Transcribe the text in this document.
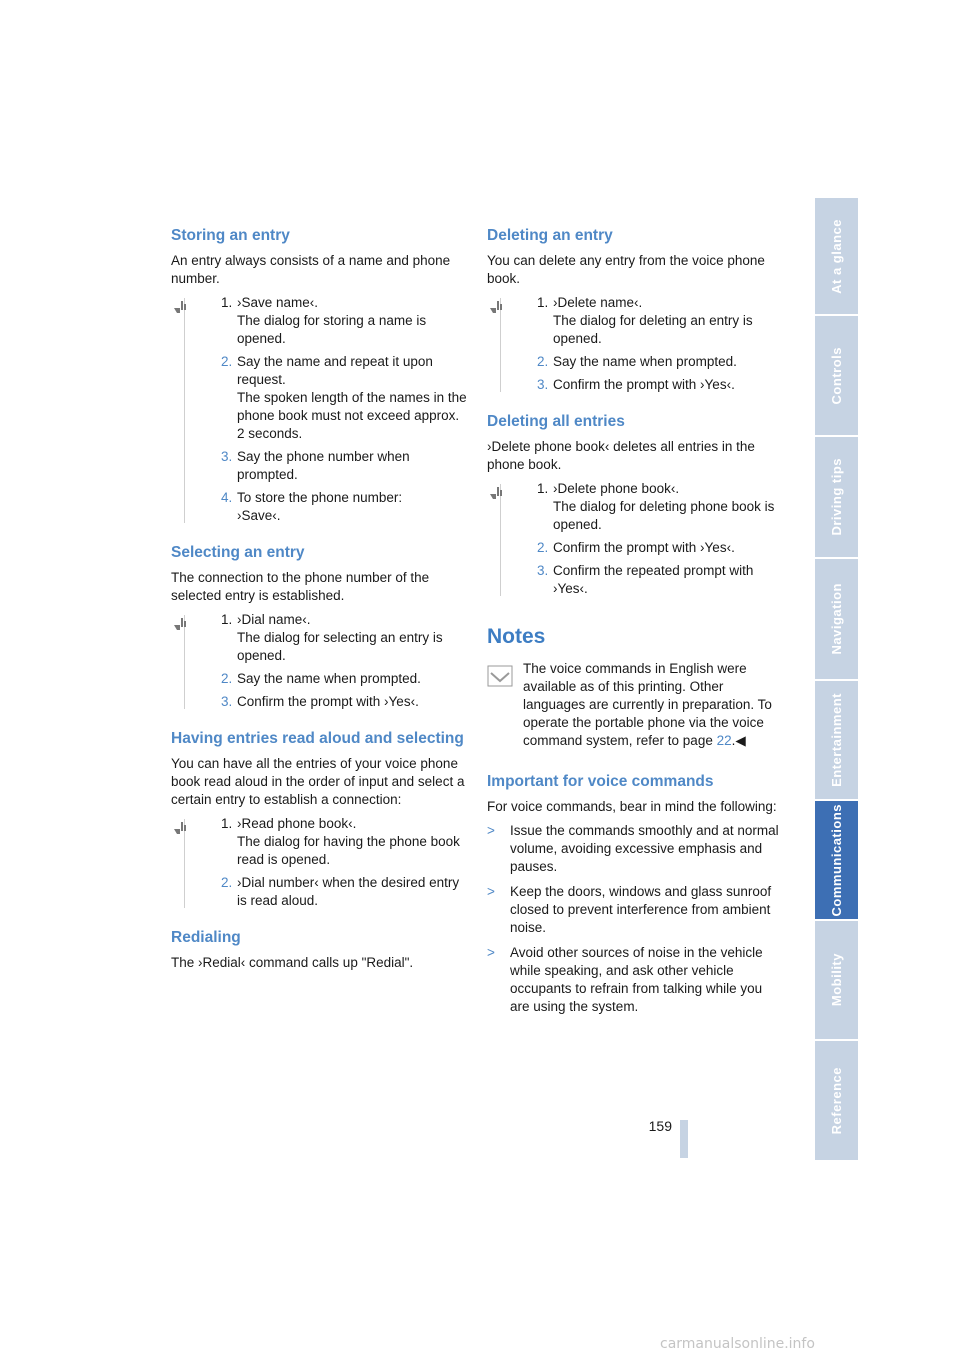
Storing an entry

An entry always consists of a name and phone number.

1. ›Save name‹.
The dialog for storing a name is opened.
2. Say the name and repeat it upon request.
The spoken length of the names in the phone book must not exceed approx. 2 seconds.
3. Say the phone number when prompted.
4. To store the phone number:
›Save‹.
Selecting an entry

The connection to the phone number of the selected entry is established.

1. ›Dial name‹.
The dialog for selecting an entry is opened.
2. Say the name when prompted.
3. Confirm the prompt with ›Yes‹.
Having entries read aloud and selecting

You can have all the entries of your voice phone book read aloud in the order of input and select a certain entry to establish a connection:

1. ›Read phone book‹.
The dialog for having the phone book read is opened.
2. ›Dial number‹ when the desired entry is read aloud.
Redialing

The ›Redial‹ command calls up "Redial".

Deleting an entry

You can delete any entry from the voice phone book.

1. ›Delete name‹.
The dialog for deleting an entry is opened.
2. Say the name when prompted.
3. Confirm the prompt with ›Yes‹.
Deleting all entries

›Delete phone book‹ deletes all entries in the phone book.

1. ›Delete phone book‹.
The dialog for deleting phone book is opened.
2. Confirm the prompt with ›Yes‹.
3. Confirm the repeated prompt with ›Yes‹.
Notes

The voice commands in English were available as of this printing. Other languages are currently in preparation. To operate the portable phone via the voice command system, refer to page 22.◀

Important for voice commands

For voice commands, bear in mind the following:

>	Issue the commands smoothly and at normal volume, avoiding excessive emphasis and pauses.
>	Keep the doors, windows and glass sunroof closed to prevent interference from ambient noise.
>	Avoid other sources of noise in the vehicle while speaking, and ask other vehicle occupants to refrain from talking while you are using the system.
At a glance
Controls
Driving tips
Navigation
Entertainment
Communications
Mobility
Reference
159
carmanualsonline.info
